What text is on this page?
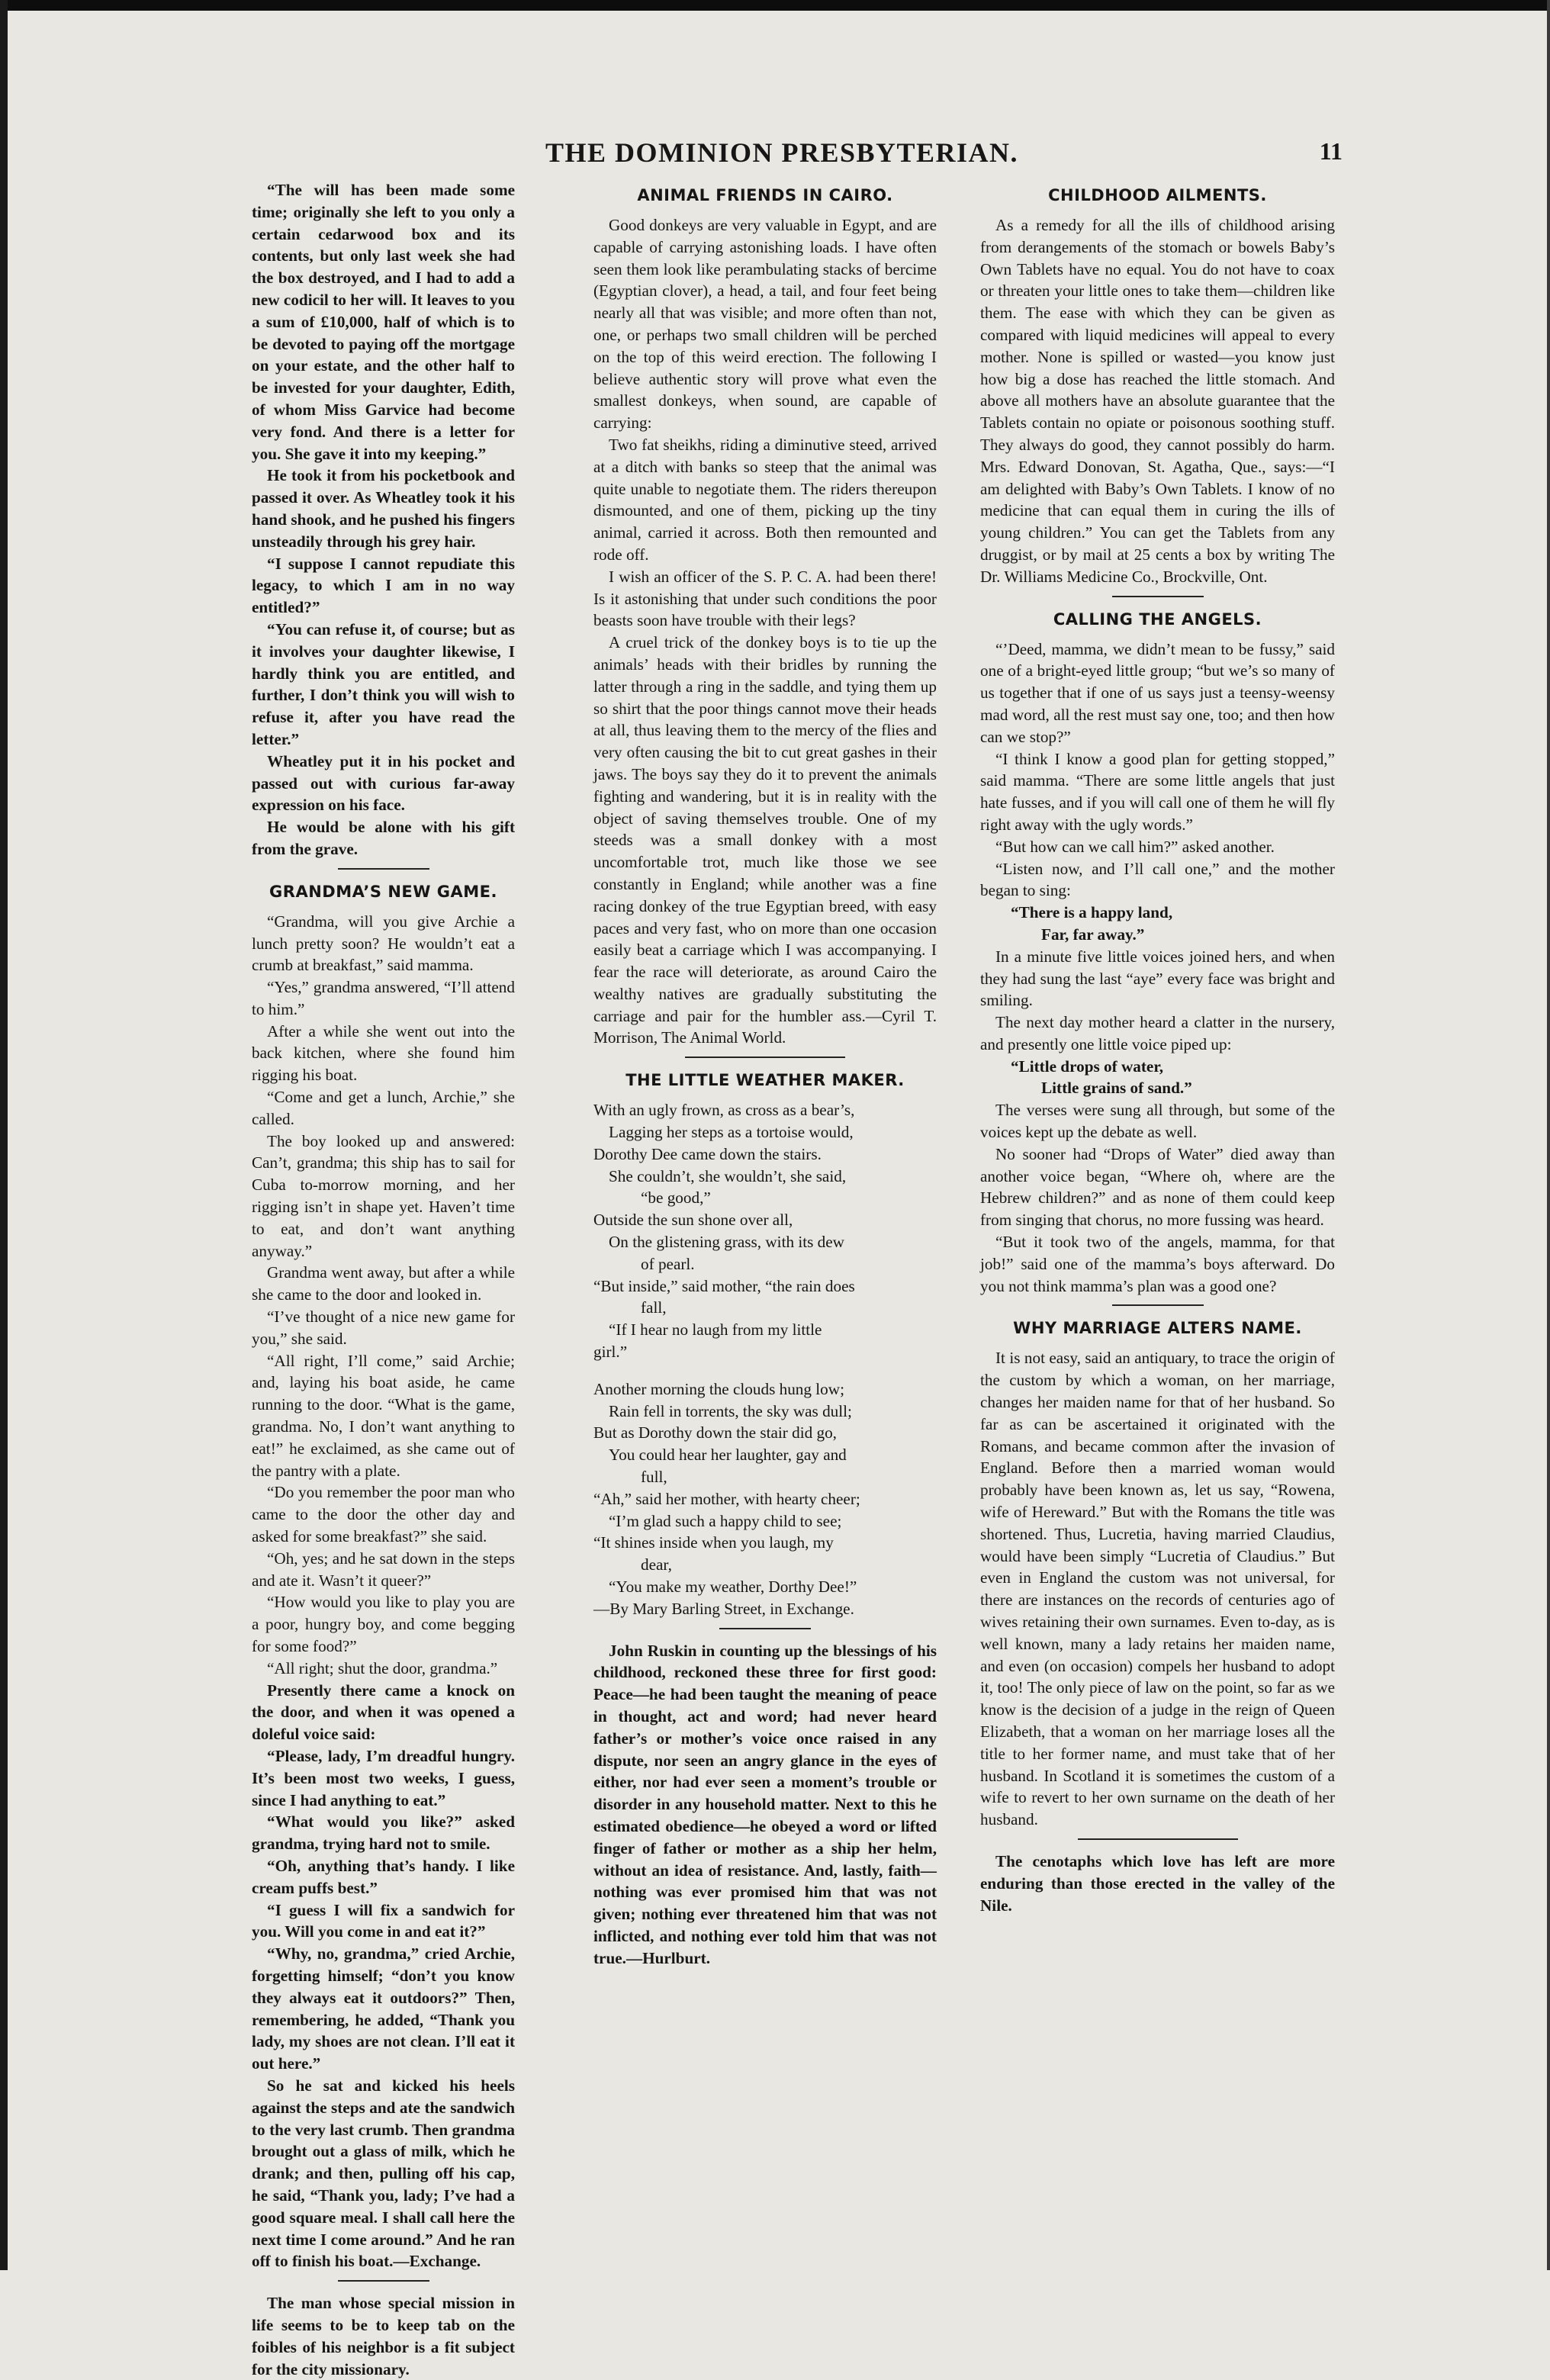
THE DOMINION PRESBYTERIAN.	11

“The will has been made some time; originally she left to you only a certain cedarwood box and its contents, but only last week she had the box destroyed, and I had to add a new codicil to her will. It leaves to you a sum of £10,000, half of which is to be devoted to paying off the mortgage on your estate, and the other half to be invested for your daughter, Edith, of whom Miss Garvice had become very fond. And there is a letter for you. She gave it into my keeping.”

He took it from his pocketbook and passed it over. As Wheatley took it his hand shook, and he pushed his fingers unsteadily through his grey hair.

“I suppose I cannot repudiate this legacy, to which I am in no way entitled?”

“You can refuse it, of course; but as it involves your daughter likewise, I hardly think you are entitled, and further, I don’t think you will wish to refuse it, after you have read the letter.”

Wheatley put it in his pocket and passed out with curious far-away expression on his face.

He would be alone with his gift from the grave.

GRANDMA’S NEW GAME.

“Grandma, will you give Archie a lunch pretty soon? He wouldn’t eat a crumb at breakfast,” said mamma.

“Yes,” grandma answered, “I’ll attend to him.”

After a while she went out into the back kitchen, where she found him rigging his boat.

“Come and get a lunch, Archie,” she called.

The boy looked up and answered: Can’t, grandma; this ship has to sail for Cuba to-morrow morning, and her rigging isn’t in shape yet. Haven’t time to eat, and don’t want anything anyway.”

Grandma went away, but after a while she came to the door and looked in.

“I’ve thought of a nice new game for you,” she said.

“All right, I’ll come,” said Archie; and, laying his boat aside, he came running to the door. “What is the game, grandma. No, I don’t want anything to eat!” he exclaimed, as she came out of the pantry with a plate.

“Do you remember the poor man who came to the door the other day and asked for some breakfast?” she said.

“Oh, yes; and he sat down in the steps and ate it. Wasn’t it queer?”

“How would you like to play you are a poor, hungry boy, and come begging for some food?”

“All right; shut the door, grandma.”

Presently there came a knock on the door, and when it was opened a doleful voice said:

“Please, lady, I’m dreadful hungry. It’s been most two weeks, I guess, since I had anything to eat.”

“What would you like?” asked grandma, trying hard not to smile.

“Oh, anything that’s handy. I like cream puffs best.”

“I guess I will fix a sandwich for you. Will you come in and eat it?”

“Why, no, grandma,” cried Archie, forgetting himself; “don’t you know they always eat it outdoors?” Then, remembering, he added, “Thank you lady, my shoes are not clean. I’ll eat it out here.”

So he sat and kicked his heels against the steps and ate the sandwich to the very last crumb. Then grandma brought out a glass of milk, which he drank; and then, pulling off his cap, he said, “Thank you, lady; I’ve had a good square meal. I shall call here the next time I come around.” And he ran off to finish his boat.—Exchange.

The man whose special mission in life seems to be to keep tab on the foibles of his neighbor is a fit subject for the city missionary.

ANIMAL FRIENDS IN CAIRO.

Good donkeys are very valuable in Egypt, and are capable of carrying astonishing loads. I have often seen them look like perambulating stacks of bercime (Egyptian clover), a head, a tail, and four feet being nearly all that was visible; and more often than not, one, or perhaps two small children will be perched on the top of this weird erection. The following I believe authentic story will prove what even the smallest donkeys, when sound, are capable of carrying:

Two fat sheikhs, riding a diminutive steed, arrived at a ditch with banks so steep that the animal was quite unable to negotiate them. The riders thereupon dismounted, and one of them, picking up the tiny animal, carried it across. Both then remounted and rode off.

I wish an officer of the S. P. C. A. had been there! Is it astonishing that under such conditions the poor beasts soon have trouble with their legs?

A cruel trick of the donkey boys is to tie up the animals’ heads with their bridles by running the latter through a ring in the saddle, and tying them up so shirt that the poor things cannot move their heads at all, thus leaving them to the mercy of the flies and very often causing the bit to cut great gashes in their jaws. The boys say they do it to prevent the animals fighting and wandering, but it is in reality with the object of saving themselves trouble. One of my steeds was a small donkey with a most uncomfortable trot, much like those we see constantly in England; while another was a fine racing donkey of the true Egyptian breed, with easy paces and very fast, who on more than one occasion easily beat a carriage which I was accompanying. I fear the race will deteriorate, as around Cairo the wealthy natives are gradually substituting the carriage and pair for the humbler ass.—Cyril T. Morrison, The Animal World.

THE LITTLE WEATHER MAKER.

With an ugly frown, as cross as a bear’s,

Lagging her steps as a tortoise would,

Dorothy Dee came down the stairs.

She couldn’t, she wouldn’t, she said,

“be good,”

Outside the sun shone over all,

On the glistening grass, with its dew

of pearl.

“But inside,” said mother, “the rain does

fall,

“If I hear no laugh from my little

girl.”

Another morning the clouds hung low;

Rain fell in torrents, the sky was dull;

But as Dorothy down the stair did go,

You could hear her laughter, gay and

full,

“Ah,” said her mother, with hearty cheer;

“I’m glad such a happy child to see;

“It shines inside when you laugh, my

dear,

“You make my weather, Dorthy Dee!”

—By Mary Barling Street, in Exchange.

John Ruskin in counting up the blessings of his childhood, reckoned these three for first good: Peace—he had been taught the meaning of peace in thought, act and word; had never heard father’s or mother’s voice once raised in any dispute, nor seen an angry glance in the eyes of either, nor had ever seen a moment’s trouble or disorder in any household matter. Next to this he estimated obedience—he obeyed a word or lifted finger of father or mother as a ship her helm, without an idea of resistance. And, lastly, faith—nothing was ever promised him that was not given; nothing ever threatened him that was not inflicted, and nothing ever told him that was not true.—Hurlburt.

CHILDHOOD AILMENTS.

As a remedy for all the ills of childhood arising from derangements of the stomach or bowels Baby’s Own Tablets have no equal. You do not have to coax or threaten your little ones to take them—children like them. The ease with which they can be given as compared with liquid medicines will appeal to every mother. None is spilled or wasted—you know just how big a dose has reached the little stomach. And above all mothers have an absolute guarantee that the Tablets contain no opiate or poisonous soothing stuff. They always do good, they cannot possibly do harm. Mrs. Edward Donovan, St. Agatha, Que., says:—“I am delighted with Baby’s Own Tablets. I know of no medicine that can equal them in curing the ills of young children.” You can get the Tablets from any druggist, or by mail at 25 cents a box by writing The Dr. Williams Medicine Co., Brockville, Ont.

CALLING THE ANGELS.

“’Deed, mamma, we didn’t mean to be fussy,” said one of a bright-eyed little group; “but we’s so many of us together that if one of us says just a teensy-weensy mad word, all the rest must say one, too; and then how can we stop?”

“I think I know a good plan for getting stopped,” said mamma. “There are some little angels that just hate fusses, and if you will call one of them he will fly right away with the ugly words.”

“But how can we call him?” asked another.

“Listen now, and I’ll call one,” and the mother began to sing:

“There is a happy land,

Far, far away.”

In a minute five little voices joined hers, and when they had sung the last “aye” every face was bright and smiling.

The next day mother heard a clatter in the nursery, and presently one little voice piped up:

“Little drops of water,

Little grains of sand.”

The verses were sung all through, but some of the voices kept up the debate as well.

No sooner had “Drops of Water” died away than another voice began, “Where oh, where are the Hebrew children?” and as none of them could keep from singing that chorus, no more fussing was heard.

“But it took two of the angels, mamma, for that job!” said one of the mamma’s boys afterward. Do you not think mamma’s plan was a good one?

WHY MARRIAGE ALTERS NAME.

It is not easy, said an antiquary, to trace the origin of the custom by which a woman, on her marriage, changes her maiden name for that of her husband. So far as can be ascertained it originated with the Romans, and became common after the invasion of England. Before then a married woman would probably have been known as, let us say, “Rowena, wife of Hereward.” But with the Romans the title was shortened. Thus, Lucretia, having married Claudius, would have been simply “Lucretia of Claudius.” But even in England the custom was not universal, for there are instances on the records of centuries ago of wives retaining their own surnames. Even to-day, as is well known, many a lady retains her maiden name, and even (on occasion) compels her husband to adopt it, too! The only piece of law on the point, so far as we know is the decision of a judge in the reign of Queen Elizabeth, that a woman on her marriage loses all the title to her former name, and must take that of her husband. In Scotland it is sometimes the custom of a wife to revert to her own surname on the death of her husband.

The cenotaphs which love has left are more enduring than those erected in the valley of the Nile.
